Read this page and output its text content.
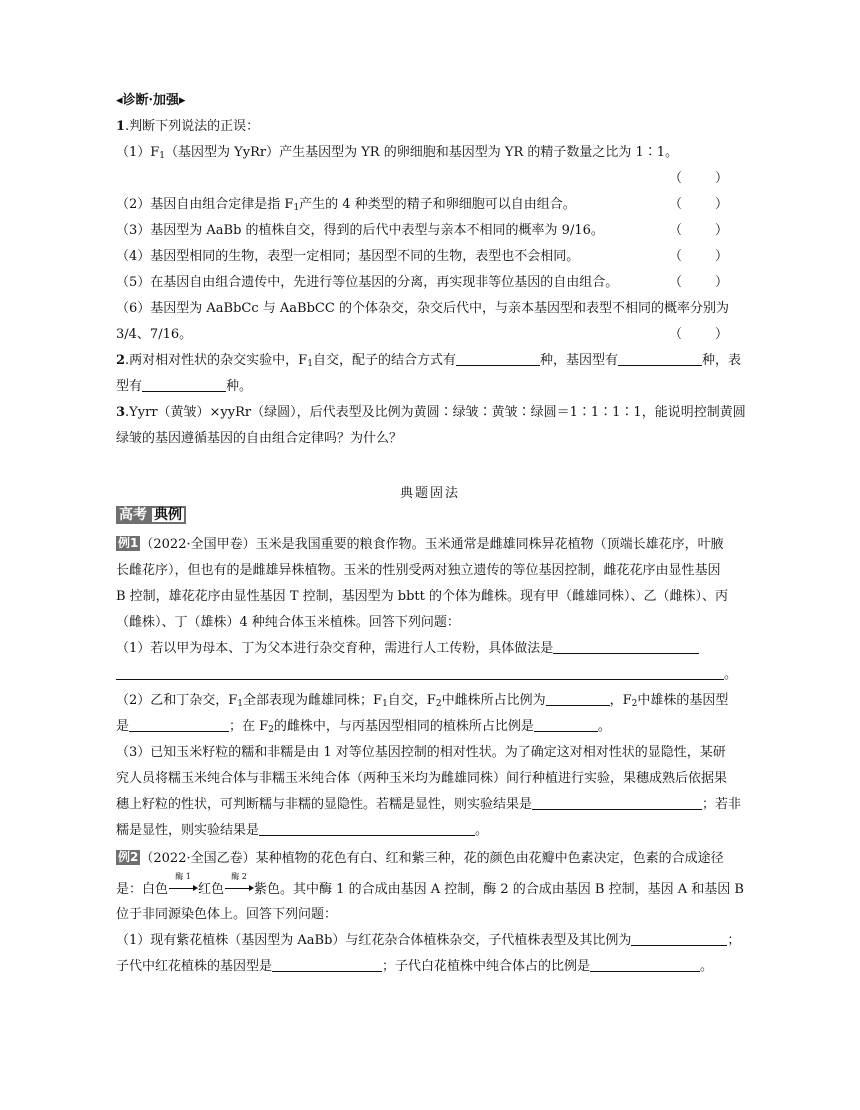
◂诊断·加强▸
1.判断下列说法的正误：
$(1)F_1$（基因型为 YyRr）产生基因型为 YR 的卵细胞和基因型为 YR 的精子数量之比为 1∶1。
（        ）
（2）基因自由组合定律是指 $F_1$产生的 4 种类型的精子和卵细胞可以自由组合。	（        ）
（3）基因型为 AaBb 的植株自交，得到的后代中表型与亲本不相同的概率为 9/16。	（        ）
（4）基因型相同的生物，表型一定相同；基因型不同的生物，表型也不会相同。	（        ）
（5）在基因自由组合遗传中，先进行等位基因的分离，再实现非等位基因的自由组合。	（        ）
（6）基因型为 AaBbCc 与 AaBbCC 的个体杂交，杂交后代中，与亲本基因型和表型不相同的概率分别为
3/4、7/16。	（        ）
2.两对相对性状的杂交实验中，$F_1$自交，配子的结合方式有	种，基因型有	种，表
型有	种。
3.Yyrr（黄皱）×yyRr（绿圆），后代表型及比例为黄圆∶绿皱∶黄皱∶绿圆＝1∶1∶1∶1，能说明控制黄圆
绿皱的基因遵循基因的自由组合定律吗？为什么？
典题固法
高考 典例
例1 （2022·全国甲卷）玉米是我国重要的粮食作物。玉米通常是雌雄同株异花植物（顶端长雄花序，叶腋
长雌花序），但也有的是雌雄异株植物。玉米的性别受两对独立遗传的等位基因控制，雌花花序由显性基因
B 控制，雄花花序由显性基因 T 控制，基因型为 bbtt 的个体为雌株。现有甲（雌雄同株）、乙（雌株）、丙
（雌株）、丁（雄株）4 种纯合体玉米植株。回答下列问题：
（1）若以甲为母本、丁为父本进行杂交育种，需进行人工传粉，具体做法是
。
（2）乙和丁杂交，$F_1$全部表现为雌雄同株；$F_1$自交，$F_2$中雌株所占比例为	，$F_2$中雄株的基因型
是	；在 $F_2$的雌株中，与丙基因型相同的植株所占比例是	。
（3）已知玉米籽粒的糯和非糯是由 1 对等位基因控制的相对性状。为了确定这对相对性状的显隐性，某研
究人员将糯玉米纯合体与非糯玉米纯合体（两种玉米均为雌雄同株）间行种植进行实验，果穗成熟后依据果
穗上籽粒的性状，可判断糯与非糯的显隐性。若糯是显性，则实验结果是	；若非
糯是显性，则实验结果是	。
例2 （2022·全国乙卷）某种植物的花色有白、红和紫三种，花的颜色由花瓣中色素决定，色素的合成途径
是：白色
酶 1
红色
酶 2
紫色。其中酶 1 的合成由基因 A 控制，酶 2 的合成由基因 B 控制，基因 A 和基因 B
位于非同源染色体上。回答下列问题：
（1）现有紫花植株（基因型为 AaBb）与红花杂合体植株杂交，子代植株表型及其比例为	；
子代中红花植株的基因型是	；子代白花植株中纯合体占的比例是	。
